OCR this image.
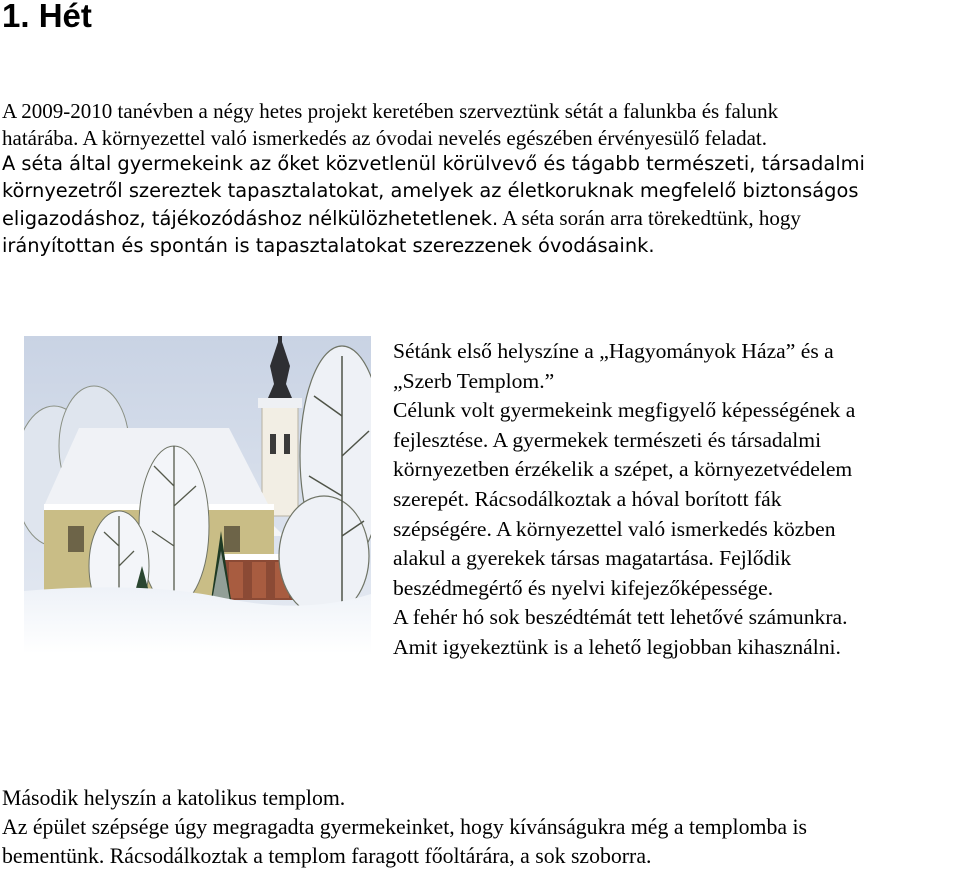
1. Hét
A 2009-2010 tanévben a négy hetes projekt keretében szerveztünk sétát a falunkba és falunk
határába. A környezettel való ismerkedés az óvodai nevelés egészében érvényesülő feladat.
A séta által gyermekeink az őket közvetlenül körülvevő és tágabb természeti, társadalmi
környezetről szereztek tapasztalatokat, amelyek az életkoruknak megfelelő biztonságos
eligazodáshoz, tájékozódáshoz nélkülözhetetlenek. A séta során arra törekedtünk, hogy
irányítottan és spontán is tapasztalatokat szerezzenek óvodásaink.
Sétánk első helyszíne a „Hagyományok Háza” és a
„Szerb Templom.”
Célunk volt gyermekeink megfigyelő képességének a
fejlesztése. A gyermekek természeti és társadalmi
környezetben érzékelik a szépet, a környezetvédelem
szerepét. Rácsodálkoztak a hóval borított fák
szépségére. A környezettel való ismerkedés közben
alakul a gyerekek társas magatartása. Fejlődik
beszédmegértő és nyelvi kifejezőképessége.
A fehér hó sok beszédtémát tett lehetővé számunkra.
Amit igyekeztünk is a lehető legjobban kihasználni.
Második helyszín a katolikus templom.
Az épület szépsége úgy megragadta gyermekeinket, hogy kívánságukra még a templomba is
bementünk. Rácsodálkoztak a templom faragott főoltárára, a sok szoborra.
